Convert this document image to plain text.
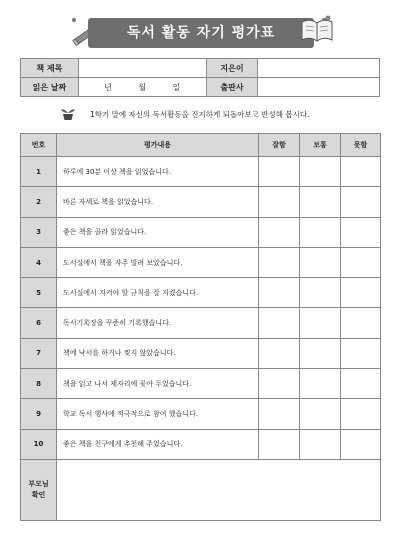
독서 활동 자기 평가표
책 제목		지은이	
읽은 날짜	년 월 일	출판사	
1학기 말에 자신의 독서활동을 진지하게 되돌아보고 반성해 봅시다.
번호	평가내용	잘함	보통	못함
1	하루에 30분 이상 책을 읽었습니다.			
2	바른 자세로 책을 읽었습니다.			
3	좋은 책을 골라 읽었습니다.			
4	도서실에서 책을 자주 빌려 보았습니다.			
5	도서실에서 지켜야 할 규칙을 잘 지켰습니다.			
6	독서기록장을 꾸준히 기록했습니다.			
7	책에 낙서를 하거나 찢지 않았습니다.			
8	책을 읽고 나서 제자리에 꽂아 두었습니다.			
9	학교 독서 행사에 적극적으로 참여 했습니다.			
10	좋은 책을 친구에게 추천해 주었습니다.			
부모님
확인				
